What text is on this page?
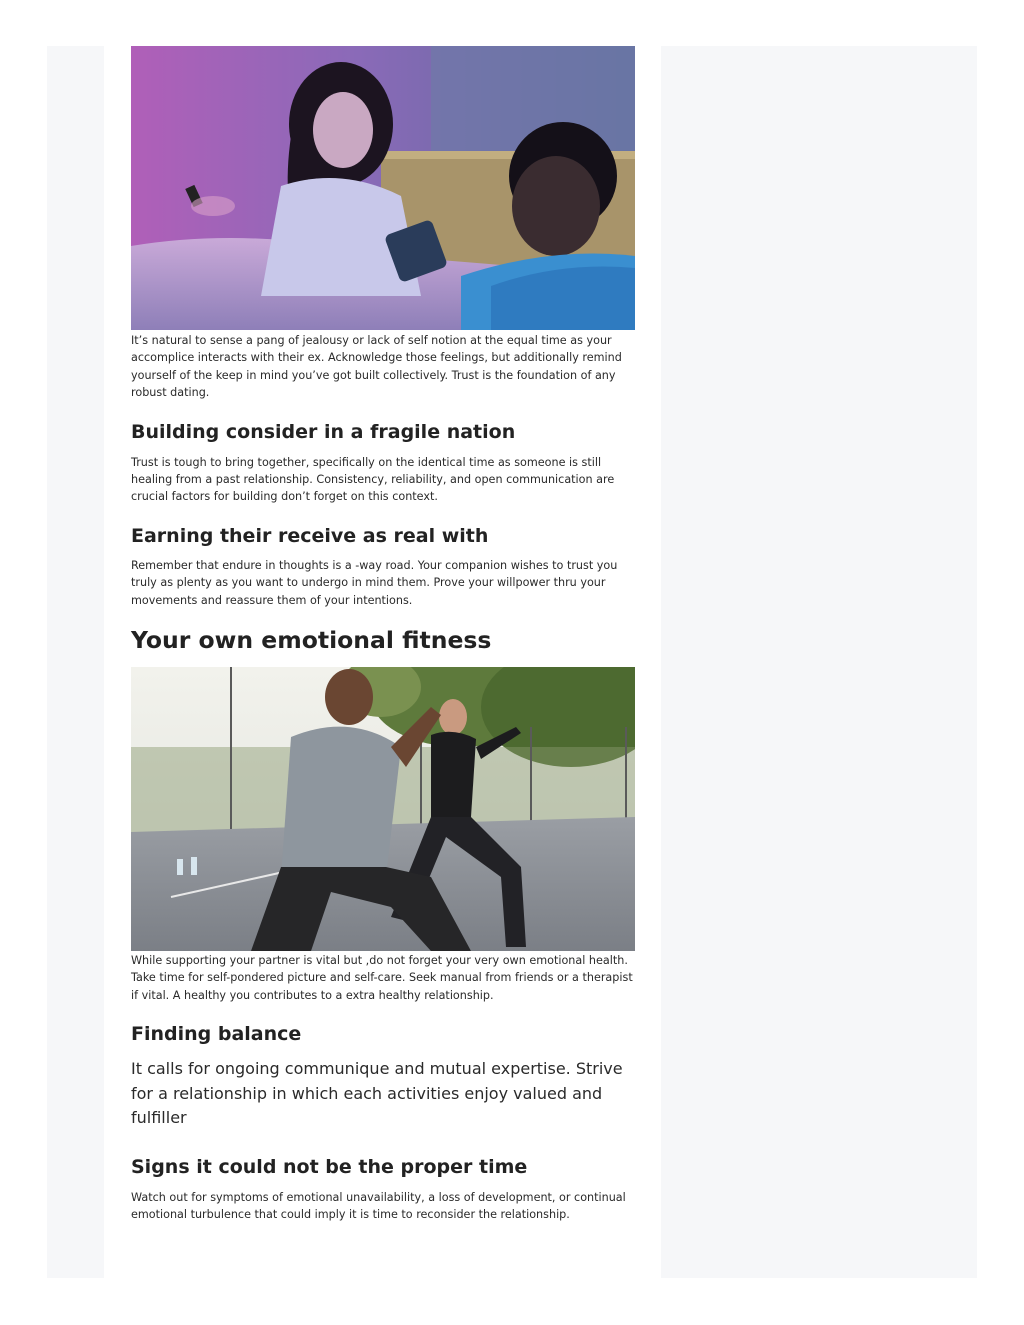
It’s natural to sense a pang of jealousy or lack of self notion at the equal time as your accomplice interacts with their ex. Acknowledge those feelings, but additionally remind yourself of the keep in mind you’ve got built collectively. Trust is the foundation of any robust dating.

Building consider in a fragile nation

Trust is tough to bring together, specifically on the identical time as someone is still healing from a past relationship. Consistency, reliability, and open communication are crucial factors for building don’t forget on this context.

Earning their receive as real with

Remember that endure in thoughts is a -way road. Your companion wishes to trust you truly as plenty as you want to undergo in mind them. Prove your willpower thru your movements and reassure them of your intentions.

Your own emotional fitness

While supporting your partner is vital but ,do not forget your very own emotional health. Take time for self-pondered picture and self-care. Seek manual from friends or a therapist if vital. A healthy you contributes to a extra healthy relationship.

Finding balance

It calls for ongoing communique and mutual expertise. Strive for a relationship in which each activities enjoy valued and fulfiller

Signs it could not be the proper time

Watch out for symptoms of emotional unavailability, a loss of development, or continual emotional turbulence that could imply it is time to reconsider the relationship.
